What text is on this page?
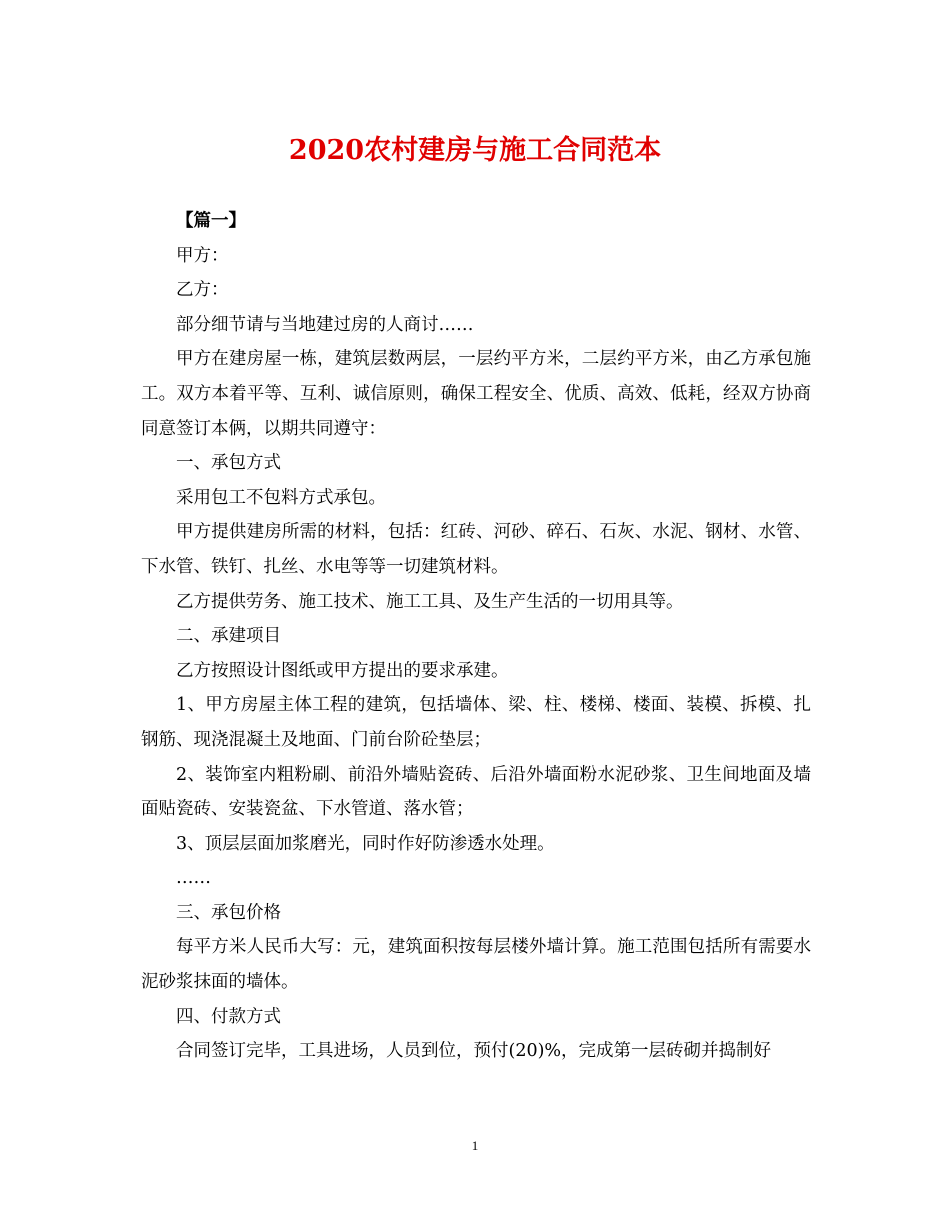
2020农村建房与施工合同范本

【篇一】

甲方：

乙方：

部分细节请与当地建过房的人商讨……

甲方在建房屋一栋，建筑层数两层，一层约平方米，二层约平方米，由乙方承包施工。双方本着平等、互利、诚信原则，确保工程安全、优质、高效、低耗，经双方协商同意签订本俩，以期共同遵守：

一、承包方式

采用包工不包料方式承包。

甲方提供建房所需的材料，包括：红砖、河砂、碎石、石灰、水泥、钢材、水管、下水管、铁钉、扎丝、水电等等一切建筑材料。

乙方提供劳务、施工技术、施工工具、及生产生活的一切用具等。

二、承建项目

乙方按照设计图纸或甲方提出的要求承建。

1、甲方房屋主体工程的建筑，包括墙体、梁、柱、楼梯、楼面、装模、拆模、扎钢筋、现浇混凝土及地面、门前台阶砼垫层；

2、装饰室内粗粉刷、前沿外墙贴瓷砖、后沿外墙面粉水泥砂浆、卫生间地面及墙面贴瓷砖、安装瓷盆、下水管道、落水管；

3、顶层层面加浆磨光，同时作好防渗透水处理。

……

三、承包价格

每平方米人民币大写：元，建筑面积按每层楼外墙计算。施工范围包括所有需要水泥砂浆抹面的墙体。

四、付款方式

合同签订完毕，工具进场，人员到位，预付(20)%，完成第一层砖砌并捣制好

1
